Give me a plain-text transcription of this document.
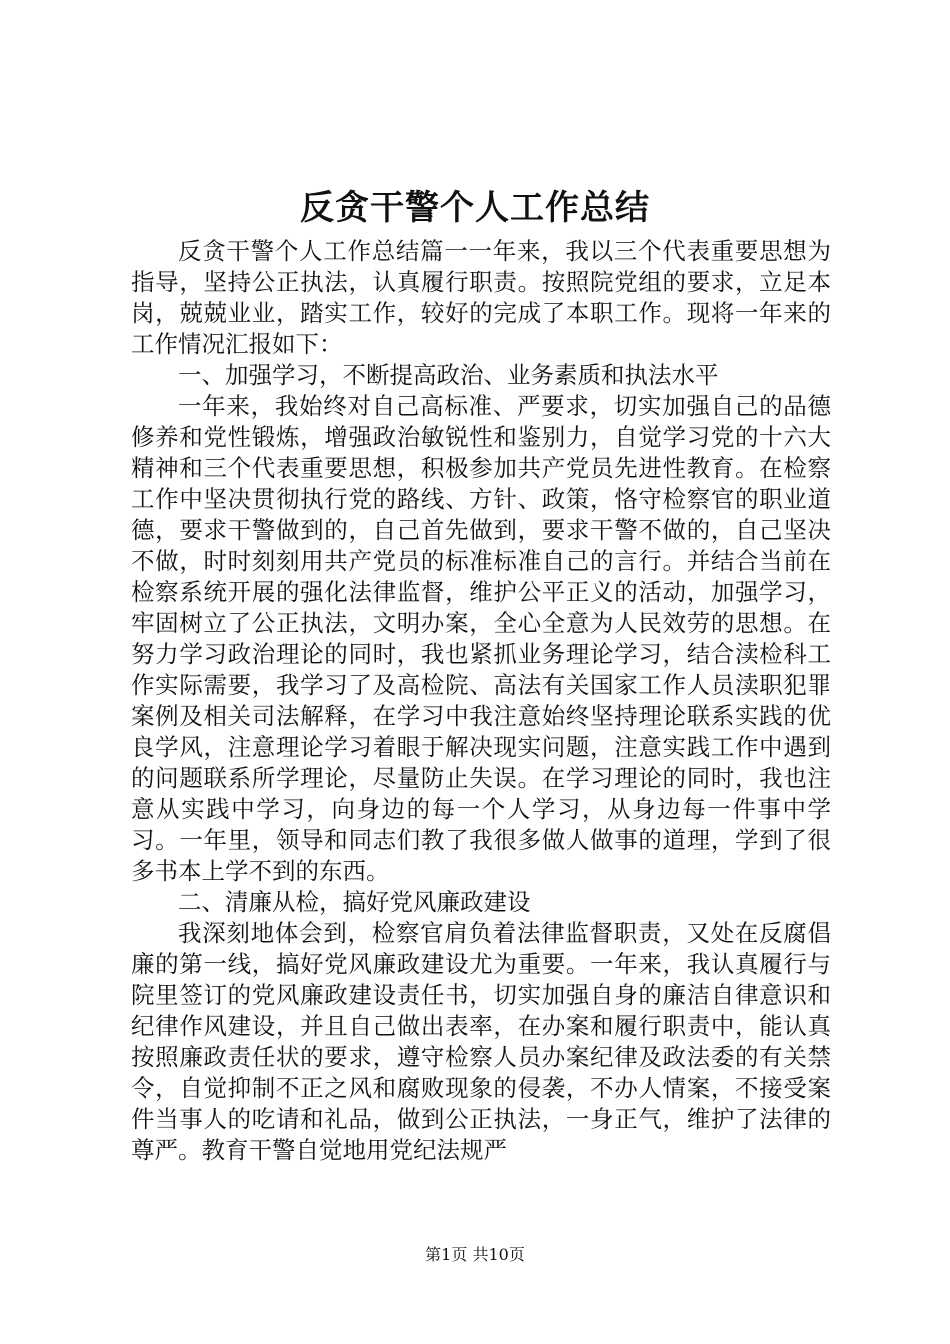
反贪干警个人工作总结

反贪干警个人工作总结篇一一年来，我以三个代表重要思想为指导，坚持公正执法，认真履行职责。按照院党组的要求，立足本岗，兢兢业业，踏实工作，较好的完成了本职工作。现将一年来的工作情况汇报如下：

一、加强学习，不断提高政治、业务素质和执法水平

一年来，我始终对自己高标准、严要求，切实加强自己的品德修养和党性锻炼，增强政治敏锐性和鉴别力，自觉学习党的十六大精神和三个代表重要思想，积极参加共产党员先进性教育。在检察工作中坚决贯彻执行党的路线、方针、政策，恪守检察官的职业道德，要求干警做到的，自己首先做到，要求干警不做的，自己坚决不做，时时刻刻用共产党员的标准标准自己的言行。并结合当前在检察系统开展的强化法律监督，维护公平正义的活动，加强学习，牢固树立了公正执法，文明办案，全心全意为人民效劳的思想。在努力学习政治理论的同时，我也紧抓业务理论学习，结合渎检科工作实际需要，我学习了及高检院、高法有关国家工作人员渎职犯罪案例及相关司法解释，在学习中我注意始终坚持理论联系实践的优良学风，注意理论学习着眼于解决现实问题，注意实践工作中遇到的问题联系所学理论，尽量防止失误。在学习理论的同时，我也注意从实践中学习，向身边的每一个人学习，从身边每一件事中学习。一年里，领导和同志们教了我很多做人做事的道理，学到了很多书本上学不到的东西。

二、清廉从检，搞好党风廉政建设

我深刻地体会到，检察官肩负着法律监督职责，又处在反腐倡廉的第一线，搞好党风廉政建设尤为重要。一年来，我认真履行与院里签订的党风廉政建设责任书，切实加强自身的廉洁自律意识和纪律作风建设，并且自己做出表率，在办案和履行职责中，能认真按照廉政责任状的要求，遵守检察人员办案纪律及政法委的有关禁令，自觉抑制不正之风和腐败现象的侵袭，不办人情案，不接受案件当事人的吃请和礼品，做到公正执法，一身正气，维护了法律的尊严。教育干警自觉地用党纪法规严

第1页 共10页
